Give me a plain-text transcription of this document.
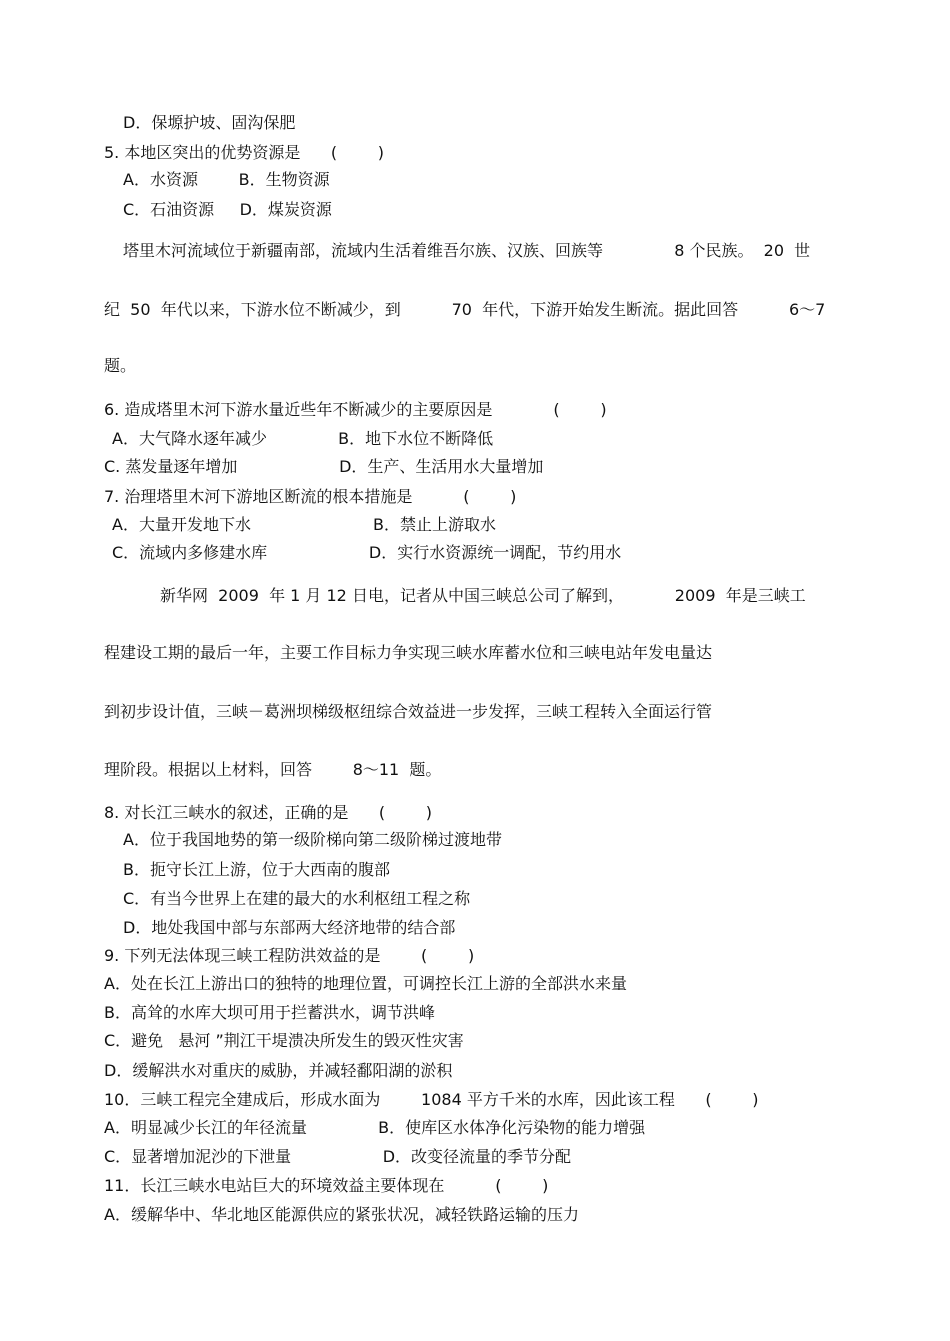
D．保塬护坡、固沟保肥
5. 本地区突出的优势资源是      (        )
A．水资源        B．生物资源
C．石油资源     D．煤炭资源
塔里木河流域位于新疆南部，流域内生活着维吾尔族、汉族、回族等              8 个民族。  20  世
纪  50  年代以来，下游水位不断减少，到          70  年代，下游开始发生断流。据此回答          6～7
题。
6. 造成塔里木河下游水量近些年不断减少的主要原因是            (        )
A．大气降水逐年减少              B．地下水位不断降低
C. 蒸发量逐年增加                    D．生产、生活用水大量增加
7. 治理塔里木河下游地区断流的根本措施是          (        )
A．大量开发地下水                        B．禁止上游取水
C．流域内多修建水库                    D．实行水资源统一调配，节约用水
新华网  2009  年 1 月 12 日电，记者从中国三峡总公司了解到，          2009  年是三峡工
程建设工期的最后一年，主要工作目标力争实现三峡水库蓄水位和三峡电站年发电量达
到初步设计值，三峡－葛洲坝梯级枢纽综合效益进一步发挥，三峡工程转入全面运行管
理阶段。根据以上材料，回答        8～11  题。
8. 对长江三峡水的叙述，正确的是      (        )
A．位于我国地势的第一级阶梯向第二级阶梯过渡地带
B．扼守长江上游，位于大西南的腹部
C．有当今世界上在建的最大的水利枢纽工程之称
D．地处我国中部与东部两大经济地带的结合部
9. 下列无法体现三峡工程防洪效益的是        (        )
A．处在长江上游出口的独特的地理位置，可调控长江上游的全部洪水来量
B．高耸的水库大坝可用于拦蓄洪水，调节洪峰
C．避免   悬河 ”荆江干堤溃决所发生的毁灭性灾害
D．缓解洪水对重庆的威胁，并减轻鄱阳湖的淤积
10．三峡工程完全建成后，形成水面为        1084 平方千米的水库，因此该工程      (        )
A．明显减少长江的年径流量              B．使库区水体净化污染物的能力增强
C．显著增加泥沙的下泄量                  D．改变径流量的季节分配
11．长江三峡水电站巨大的环境效益主要体现在          (        )
A．缓解华中、华北地区能源供应的紧张状况，减轻铁路运输的压力
